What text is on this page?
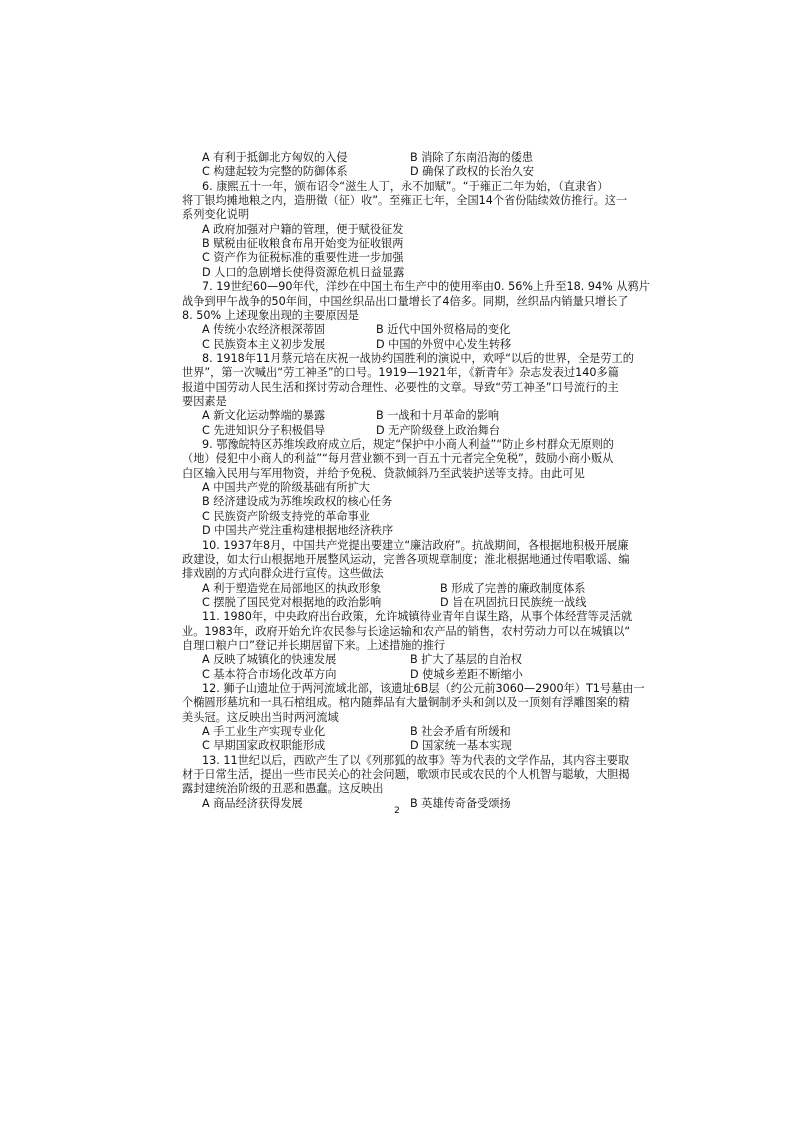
A 有利于抵御北方匈奴的入侵	B 消除了东南沿海的倭患
C 构建起较为完整的防御体系	D 确保了政权的长治久安
6. 康熙五十一年，颁布诏令“滋生人丁，永不加赋”。“于雍正二年为始，（直隶省）
将丁银均摊地粮之内，造册徵（征）收”。至雍正七年，全国14个省份陆续效仿推行。这一
系列变化说明
A 政府加强对户籍的管理，便于赋役征发
B 赋税由征收粮食布帛开始变为征收银两
C 资产作为征税标准的重要性进一步加强
D 人口的急剧增长使得资源危机日益显露
7. 19世纪60—90年代，洋纱在中国土布生产中的使用率由0. 56%上升至18. 94% 从鸦片
战争到甲午战争的50年间，中国丝织品出口量增长了4倍多。同期，丝织品内销量只增长了
8. 50% 上述现象出现的主要原因是
A 传统小农经济根深蒂固	B 近代中国外贸格局的变化
C 民族资本主义初步发展	D 中国的外贸中心发生转移
8. 1918年11月蔡元培在庆祝一战协约国胜利的演说中，欢呼“以后的世界，全是劳工的
世界”，第一次喊出“劳工神圣”的口号。1919—1921年，《新青年》杂志发表过140多篇
报道中国劳动人民生活和探讨劳动合理性、必要性的文章。导致“劳工神圣”口号流行的主
要因素是
A 新文化运动弊端的暴露	B 一战和十月革命的影响
C 先进知识分子积极倡导	D 无产阶级登上政治舞台
9. 鄂豫皖特区苏维埃政府成立后，规定“保护中小商人利益”“防止乡村群众无原则的
（地）侵犯中小商人的利益”“每月营业额不到一百五十元者完全免税”，鼓励小商小贩从
白区输入民用与军用物资，并给予免税、贷款倾斜乃至武装护送等支持。由此可见
A 中国共产党的阶级基础有所扩大
B 经济建设成为苏维埃政权的核心任务
C 民族资产阶级支持党的革命事业
D 中国共产党注重构建根据地经济秩序
10. 1937年8月，中国共产党提出要建立“廉洁政府”。抗战期间，各根据地积极开展廉
政建设，如太行山根据地开展整风运动，完善各项规章制度；淮北根据地通过传唱歌谣、编
排戏剧的方式向群众进行宣传。这些做法
A 利于塑造党在局部地区的执政形象	B 形成了完善的廉政制度体系
C 摆脱了国民党对根据地的政治影响	D 旨在巩固抗日民族统一战线
11. 1980年，中央政府出台政策，允许城镇待业青年自谋生路，从事个体经营等灵活就
业。1983年，政府开始允许农民参与长途运输和农产品的销售，农村劳动力可以在城镇以“
自理口粮户口”登记并长期居留下来。上述措施的推行
A 反映了城镇化的快速发展	B 扩大了基层的自治权
C 基本符合市场化改革方向	D 使城乡差距不断缩小
12. 狮子山遗址位于两河流域北部，该遗址6B层（约公元前3060—2900年）T1号墓由一
个椭圆形墓坑和一具石棺组成。棺内随葬品有大量铜制矛头和剑以及一顶刻有浮雕图案的精
美头冠。这反映出当时两河流域
A 手工业生产实现专业化	B 社会矛盾有所缓和
C 早期国家政权职能形成	D 国家统一基本实现
13. 11世纪以后，西欧产生了以《列那狐的故事》等为代表的文学作品，其内容主要取
材于日常生活，提出一些市民关心的社会问题，歌颂市民或农民的个人机智与聪敏，大胆揭
露封建统治阶级的丑恶和愚蠢。这反映出
A 商品经济获得发展	B 英雄传奇备受颂扬
2
